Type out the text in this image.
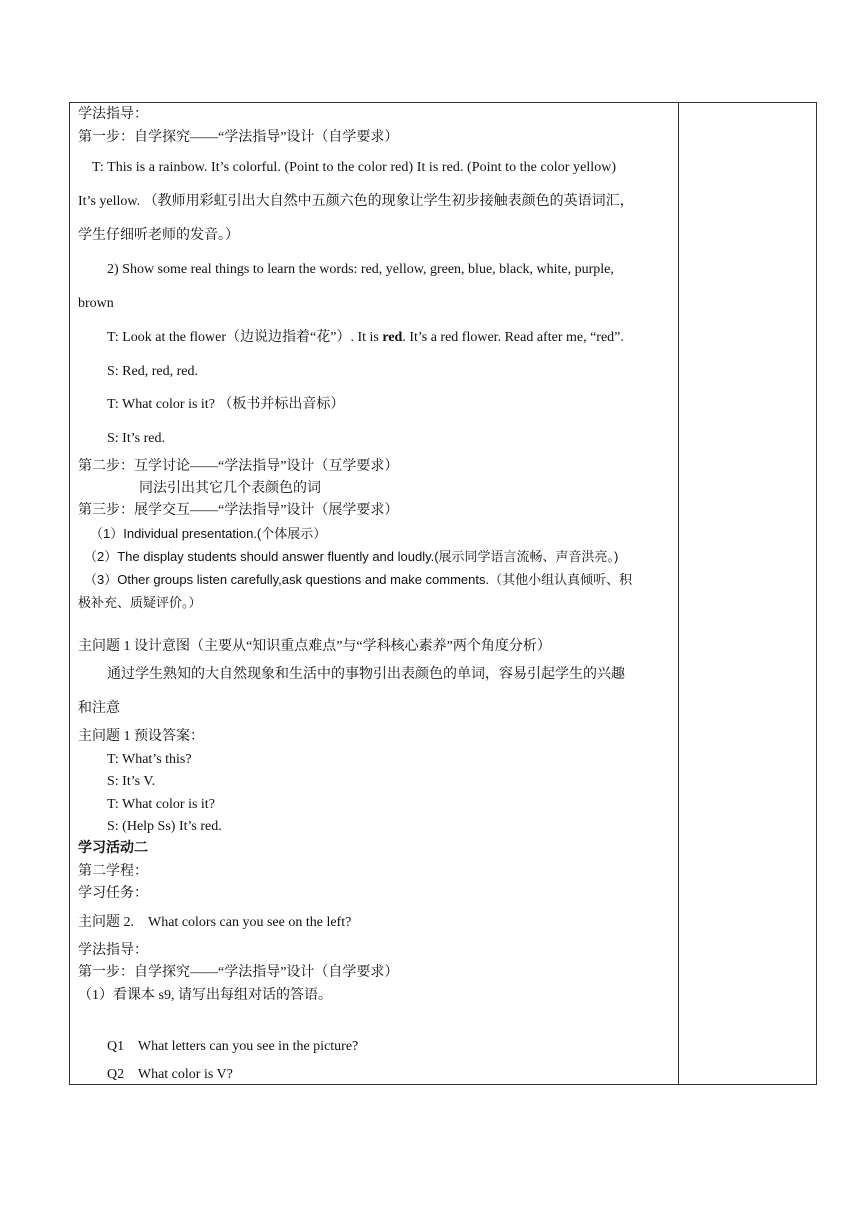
学法指导：
第一步：自学探究——“学法指导”设计（自学要求）
T: This is a rainbow. It’s colorful. (Point to the color red) It is red. (Point to the color yellow)
It’s yellow. （教师用彩虹引出大自然中五颜六色的现象让学生初步接触表颜色的英语词汇，
学生仔细听老师的发音。）
2) Show some real things to learn the words: red, yellow, green, blue, black, white, purple,
brown
T: Look at the flower（边说边指着“花”）. It is red. It’s a red flower. Read after me, “red”.
S: Red, red, red.
T: What color is it? （板书并标出音标）
S: It’s red.
第二步：互学讨论——“学法指导”设计（互学要求）
同法引出其它几个表颜色的词
第三步：展学交互——“学法指导”设计（展学要求）
（1）Individual presentation.(个体展示）
（2）The display students should answer fluently and loudly.(展示同学语言流畅、声音洪亮。)
（3）Other groups listen carefully,ask questions and make comments.（其他小组认真倾听、积
极补充、质疑评价。）
主问题 1 设计意图（主要从“知识重点难点”与“学科核心素养”两个角度分析）
通过学生熟知的大自然现象和生活中的事物引出表颜色的单词，容易引起学生的兴趣
和注意
主问题 1 预设答案：
T: What’s this?
S: It’s V.
T: What color is it?
S: (Help Ss) It’s red.
学习活动二
第二学程：
学习任务：
主问题 2.    What colors can you see on the left?
学法指导：
第一步：自学探究——“学法指导”设计（自学要求）
（1）看课本 s9, 请写出每组对话的答语。
Q1    What letters can you see in the picture?
Q2    What color is V?
